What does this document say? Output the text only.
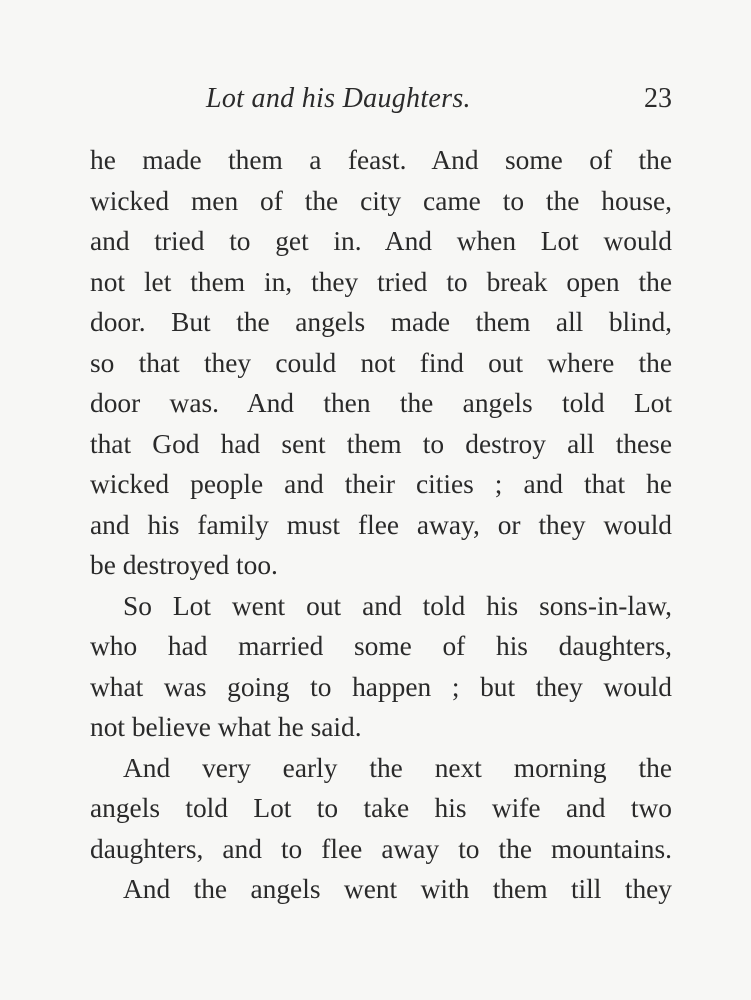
Lot and his Daughters.	23
he made them a feast. And some of the
wicked men of the city came to the house,
and tried to get in. And when Lot would
not let them in, they tried to break open the
door. But the angels made them all blind,
so that they could not find out where the
door was. And then the angels told Lot
that God had sent them to destroy all these
wicked people and their cities ; and that he
and his family must flee away, or they would
be destroyed too.
So Lot went out and told his sons-in-law,
who had married some of his daughters,
what was going to happen ; but they would
not believe what he said.
And very early the next morning the
angels told Lot to take his wife and two
daughters, and to flee away to the mountains.
And the angels went with them till they
